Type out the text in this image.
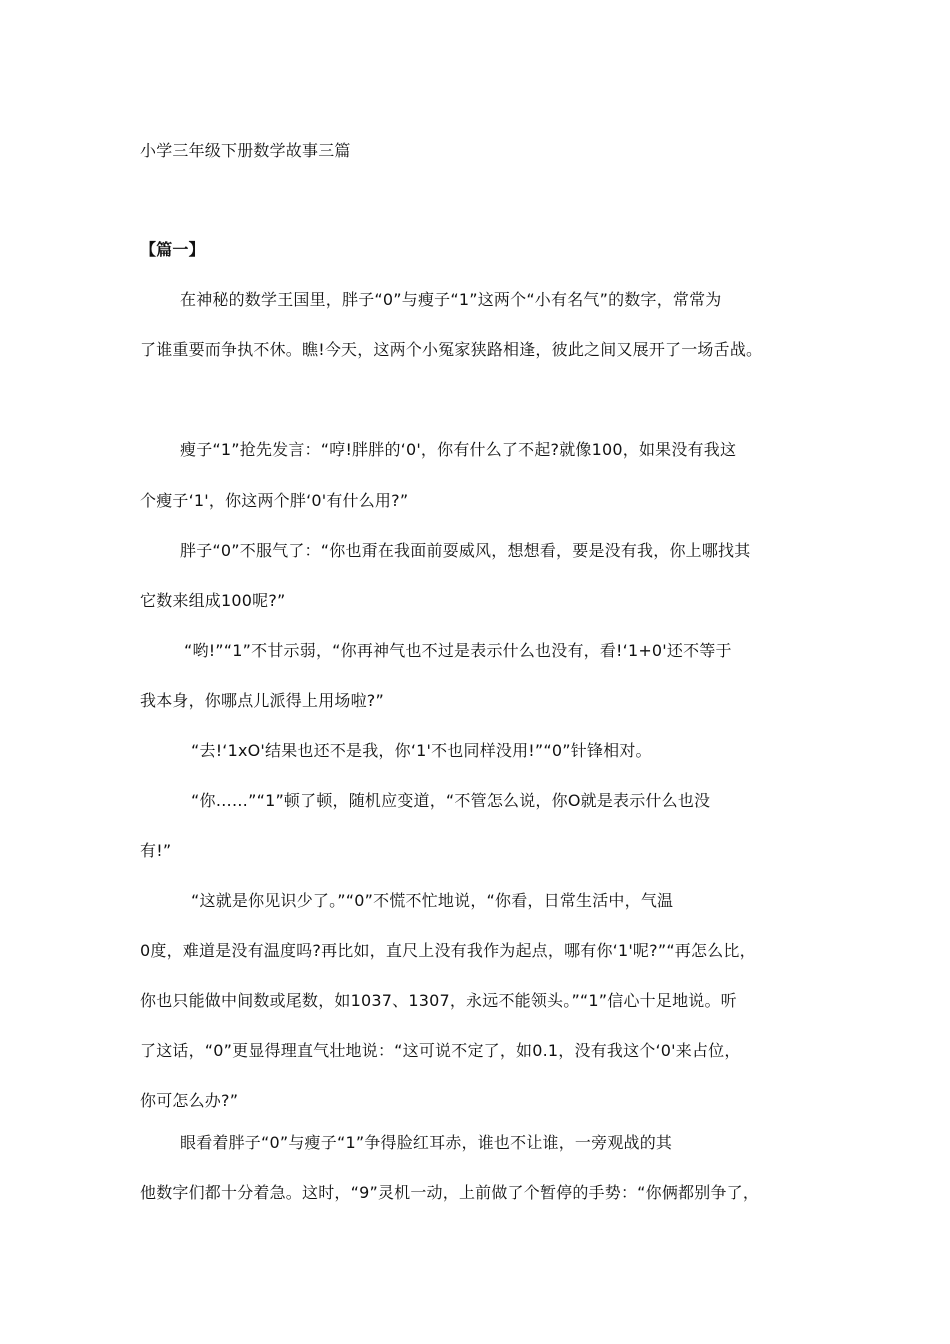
小学三年级下册数学故事三篇
【篇一】
在神秘的数学王国里，胖子“0”与瘦子“1”这两个“小有名气”的数字，常常为
了谁重要而争执不休。瞧!今天，这两个小冤家狭路相逢，彼此之间又展开了一场舌战。
瘦子“1”抢先发言：“哼!胖胖的‘0'，你有什么了不起?就像100，如果没有我这
个瘦子‘1'，你这两个胖‘0'有什么用?”
胖子“0”不服气了：“你也甭在我面前耍威风，想想看，要是没有我，你上哪找其
它数来组成100呢?”
“哟!”“1”不甘示弱，“你再神气也不过是表示什么也没有，看!‘1+0'还不等于
我本身，你哪点儿派得上用场啦?”
“去!‘1xO'结果也还不是我，你‘1'不也同样没用!”“0”针锋相对。
“你……”“1”顿了顿，随机应变道，“不管怎么说，你O就是表示什么也没
有!”
“这就是你见识少了。”“0”不慌不忙地说，“你看，日常生活中，气温
0度，难道是没有温度吗?再比如，直尺上没有我作为起点，哪有你‘1'呢?”“再怎么比，
你也只能做中间数或尾数，如1037、1307，永远不能领头。”“1”信心十足地说。听
了这话，“0”更显得理直气壮地说：“这可说不定了，如0.1，没有我这个‘0'来占位，
你可怎么办?”
眼看着胖子“0”与瘦子“1”争得脸红耳赤，谁也不让谁，一旁观战的其
他数字们都十分着急。这时，“9”灵机一动，上前做了个暂停的手势：“你俩都别争了，
